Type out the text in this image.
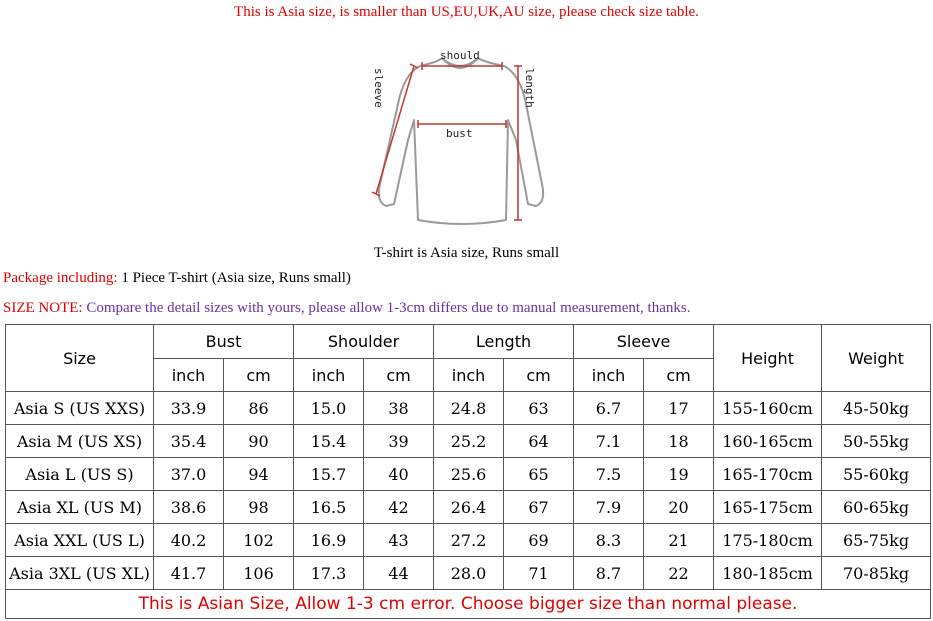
This is Asia size, is smaller than US,EU,UK,AU size, please check size table.
should
bust
sleeve	length
T-shirt is Asia size, Runs small
Package including: 1 Piece T-shirt (Asia size, Runs small)
SIZE NOTE: Compare the detail sizes with yours, please allow 1-3cm differs due to manual measurement, thanks.
Size	Bust		Shoulder		Length		Sleeve		Height	Weight
	inch	cm	inch	cm	inch	cm	inch	cm		
Asia S (US XXS)	33.9	86	15.0	38	24.8	63	6.7	17	155-160cm	45-50kg
Asia M (US XS)	35.4	90	15.4	39	25.2	64	7.1	18	160-165cm	50-55kg
Asia L (US S)	37.0	94	15.7	40	25.6	65	7.5	19	165-170cm	55-60kg
Asia XL (US M)	38.6	98	16.5	42	26.4	67	7.9	20	165-175cm	60-65kg
Asia XXL (US L)	40.2	102	16.9	43	27.2	69	8.3	21	175-180cm	65-75kg
Asia 3XL (US XL)	41.7	106	17.3	44	28.0	71	8.7	22	180-185cm	70-85kg
This is Asian Size, Allow 1-3 cm error. Choose bigger size than normal please.										
